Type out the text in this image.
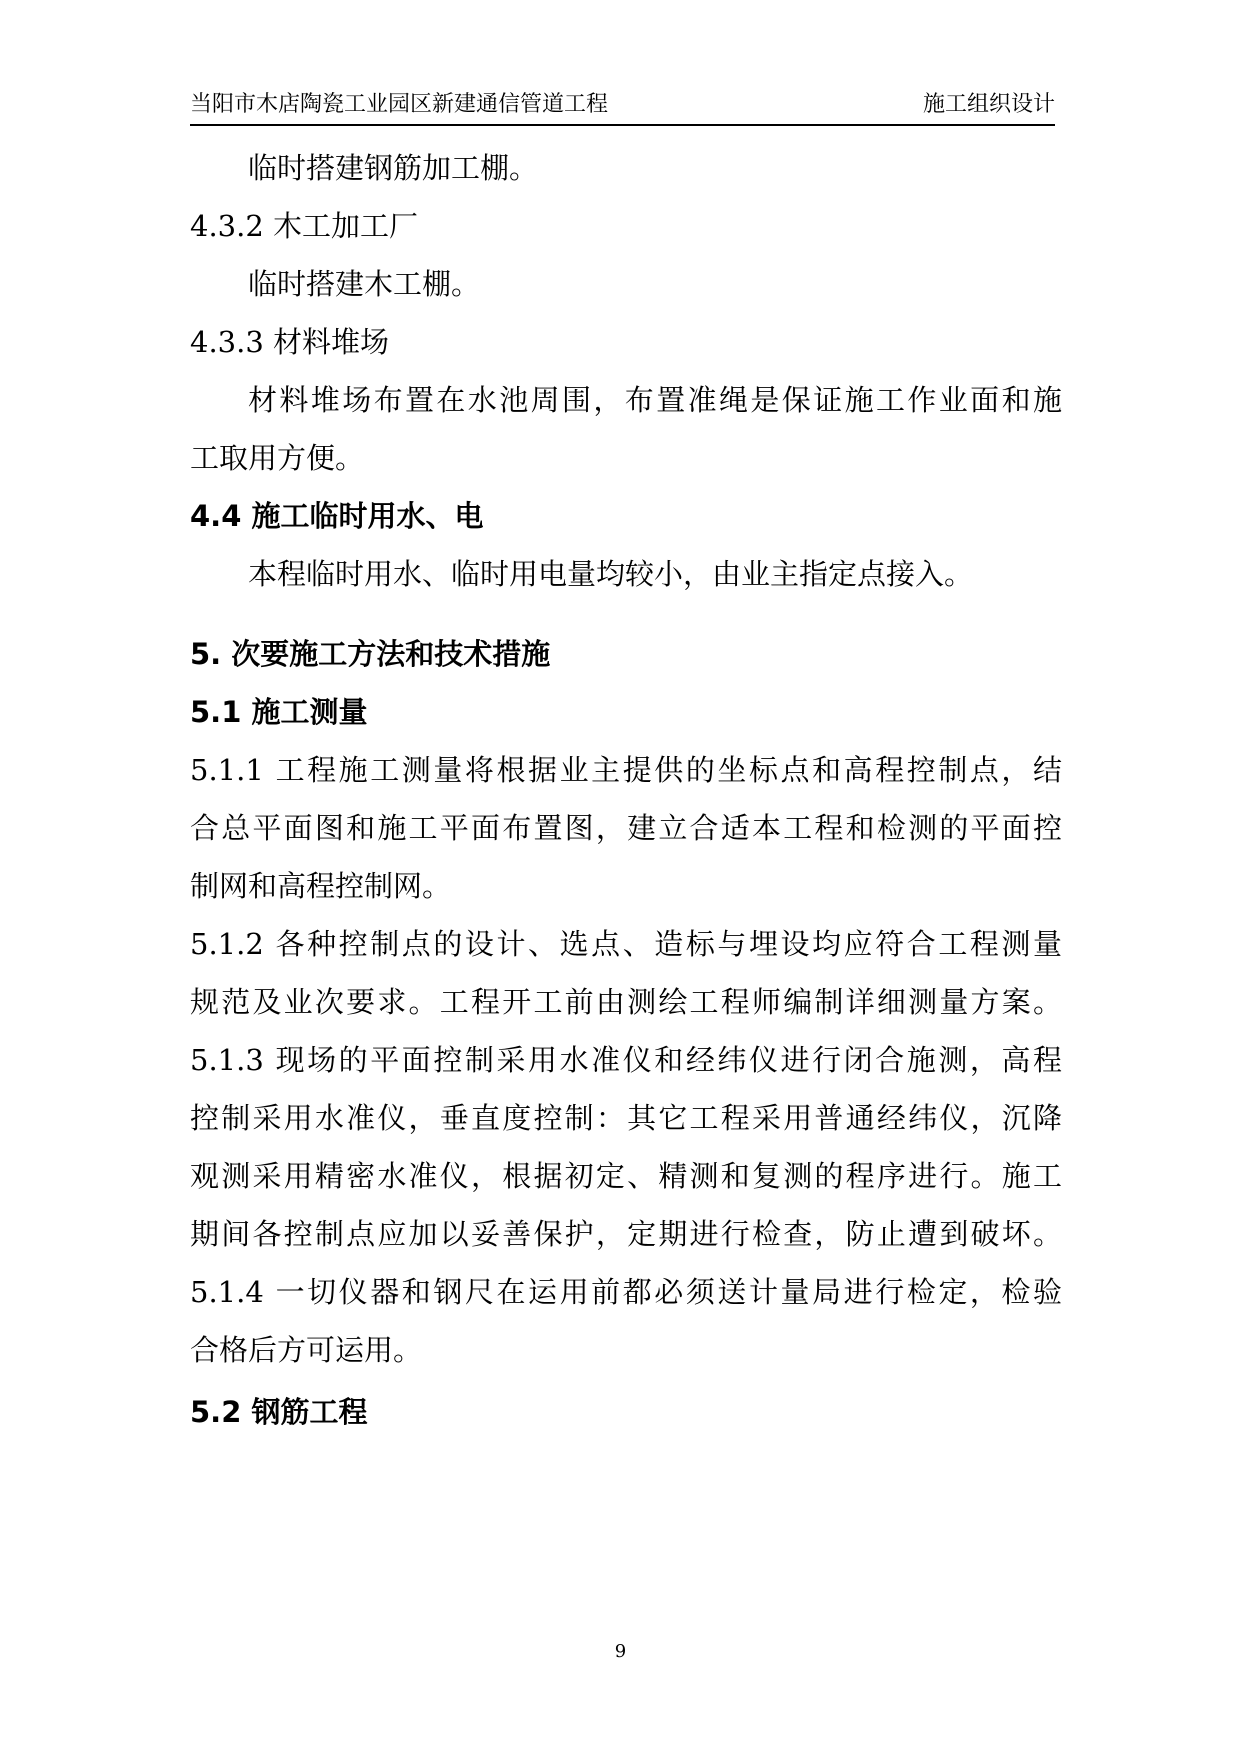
当阳市木店陶瓷工业园区新建通信管道工程	施工组织设计
临时搭建钢筋加工棚。
4.3.2 木工加工厂
临时搭建木工棚。
4.3.3 材料堆场
材料堆场布置在水池周围，布置准绳是保证施工作业面和施
工取用方便。
4.4 施工临时用水、电
本程临时用水、临时用电量均较小，由业主指定点接入。
5. 次要施工方法和技术措施
5.1 施工测量
5.1.1 工程施工测量将根据业主提供的坐标点和高程控制点，结
合总平面图和施工平面布置图，建立合适本工程和检测的平面控
制网和高程控制网。
5.1.2 各种控制点的设计、选点、造标与埋设均应符合工程测量
规范及业次要求。工程开工前由测绘工程师编制详细测量方案。
5.1.3 现场的平面控制采用水准仪和经纬仪进行闭合施测，高程
控制采用水准仪，垂直度控制：其它工程采用普通经纬仪，沉降
观测采用精密水准仪，根据初定、精测和复测的程序进行。施工
期间各控制点应加以妥善保护，定期进行检查，防止遭到破坏。
5.1.4 一切仪器和钢尺在运用前都必须送计量局进行检定，检验
合格后方可运用。
5.2 钢筋工程
9
